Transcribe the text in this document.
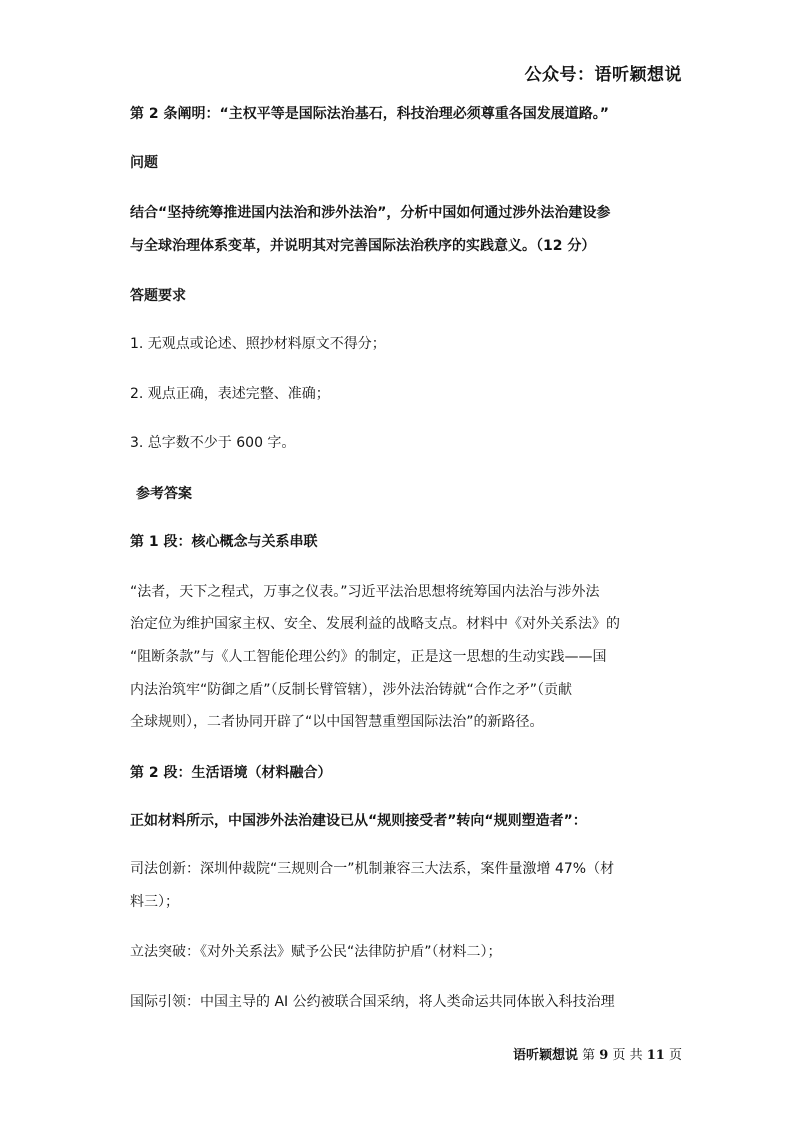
公众号：语听颖想说
第 2 条阐明：“主权平等是国际法治基石，科技治理必须尊重各国发展道路。”
问题
结合“坚持统筹推进国内法治和涉外法治”，分析中国如何通过涉外法治建设参
与全球治理体系变革，并说明其对完善国际法治秩序的实践意义。（12 分）
答题要求
1. 无观点或论述、照抄材料原文不得分；
2. 观点正确，表述完整、准确；
3. 总字数不少于 600 字。
参考答案
第 1 段：核心概念与关系串联
“法者，天下之程式，万事之仪表。”习近平法治思想将统筹国内法治与涉外法
治定位为维护国家主权、安全、发展利益的战略支点。材料中《对外关系法》的
“阻断条款”与《人工智能伦理公约》的制定，正是这一思想的生动实践——国
内法治筑牢“防御之盾”（反制长臂管辖），涉外法治铸就“合作之矛”（贡献
全球规则），二者协同开辟了“以中国智慧重塑国际法治”的新路径。
第 2 段：生活语境（材料融合）
正如材料所示，中国涉外法治建设已从“规则接受者”转向“规则塑造者”：
司法创新：深圳仲裁院“三规则合一”机制兼容三大法系，案件量激增 47%（材
料三）；
立法突破：《对外关系法》赋予公民“法律防护盾”（材料二）；
国际引领：中国主导的 AI 公约被联合国采纳，将人类命运共同体嵌入科技治理
语听颖想说 第 9 页 共 11 页
